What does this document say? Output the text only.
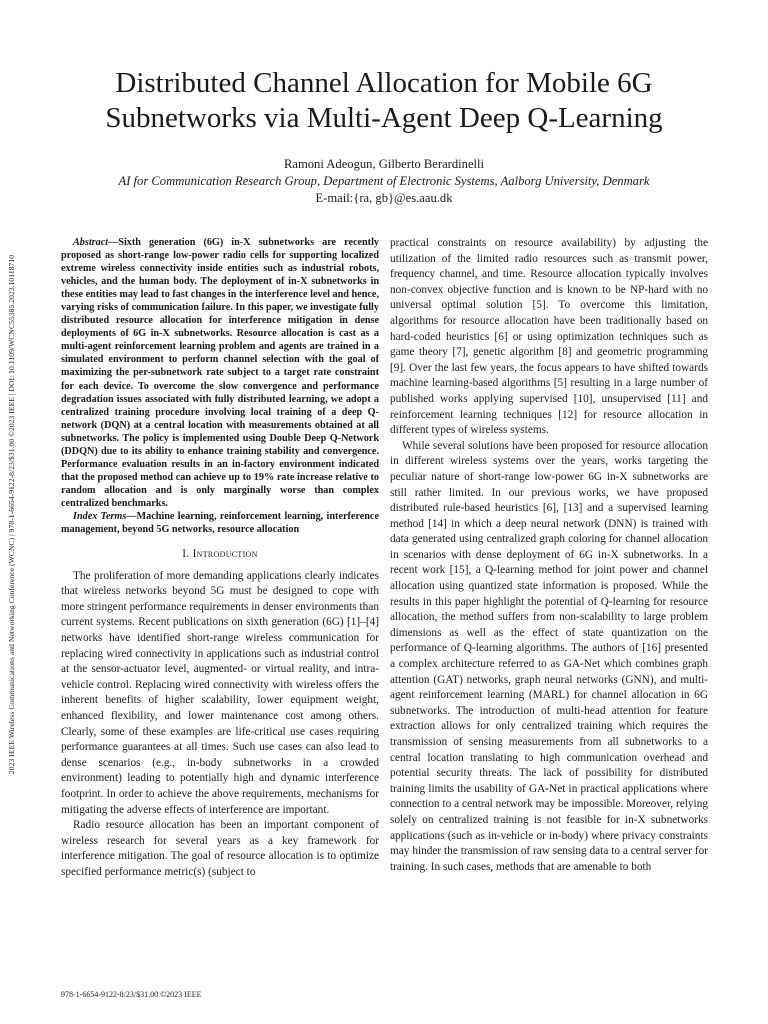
2023 IEEE Wireless Communications and Networking Conference (WCNC) | 978-1-6654-9122-8/23/$31.00 ©2023 IEEE | DOI: 10.1109/WCNC55385.2023.10118710
Distributed Channel Allocation for Mobile 6G
Subnetworks via Multi-Agent Deep Q-Learning
Ramoni Adeogun, Gilberto Berardinelli
AI for Communication Research Group, Department of Electronic Systems, Aalborg University, Denmark
E-mail:{ra, gb}@es.aau.dk

Abstract—Sixth generation (6G) in-X subnetworks are recently proposed as short-range low-power radio cells for supporting localized extreme wireless connectivity inside entities such as industrial robots, vehicles, and the human body. The deployment of in-X subnetworks in these entities may lead to fast changes in the interference level and hence, varying risks of communication failure. In this paper, we investigate fully distributed resource allocation for interference mitigation in dense deployments of 6G in-X subnetworks. Resource allocation is cast as a multi-agent reinforcement learning problem and agents are trained in a simulated environment to perform channel selection with the goal of maximizing the per-subnetwork rate subject to a target rate constraint for each device. To overcome the slow convergence and performance degradation issues associated with fully distributed learning, we adopt a centralized training procedure involving local training of a deep Q-network (DQN) at a central location with measurements obtained at all subnetworks. The policy is implemented using Double Deep Q-Network (DDQN) due to its ability to enhance training stability and convergence. Performance evaluation results in an in-factory environment indicated that the proposed method can achieve up to 19% rate increase relative to random allocation and is only marginally worse than complex centralized benchmarks.

Index Terms—Machine learning, reinforcement learning, interference management, beyond 5G networks, resource allocation

I. Introduction

The proliferation of more demanding applications clearly indicates that wireless networks beyond 5G must be designed to cope with more stringent performance requirements in denser environments than current systems. Recent publications on sixth generation (6G) [1]–[4] networks have identified short-range wireless communication for replacing wired connectivity in applications such as industrial control at the sensor-actuator level, augmented- or virtual reality, and intra-vehicle control. Replacing wired connectivity with wireless offers the inherent benefits of higher scalability, lower equipment weight, enhanced flexibility, and lower maintenance cost among others. Clearly, some of these examples are life-critical use cases requiring performance guarantees at all times. Such use cases can also lead to dense scenarios (e.g., in-body subnetworks in a crowded environment) leading to potentially high and dynamic interference footprint. In order to achieve the above requirements, mechanisms for mitigating the adverse effects of interference are important.

Radio resource allocation has been an important component of wireless research for several years as a key framework for interference mitigation. The goal of resource allocation is to optimize specified performance metric(s) (subject to

practical constraints on resource availability) by adjusting the utilization of the limited radio resources such as transmit power, frequency channel, and time. Resource allocation typically involves non-convex objective function and is known to be NP-hard with no universal optimal solution [5]. To overcome this limitation, algorithms for resource allocation have been traditionally based on hard-coded heuristics [6] or using optimization techniques such as game theory [7], genetic algorithm [8] and geometric programming [9]. Over the last few years, the focus appears to have shifted towards machine learning-based algorithms [5] resulting in a large number of published works applying supervised [10], unsupervised [11] and reinforcement learning techniques [12] for resource allocation in different types of wireless systems.

While several solutions have been proposed for resource allocation in different wireless systems over the years, works targeting the peculiar nature of short-range low-power 6G in-X subnetworks are still rather limited. In our previous works, we have proposed distributed rule-based heuristics [6], [13] and a supervised learning method [14] in which a deep neural network (DNN) is trained with data generated using centralized graph coloring for channel allocation in scenarios with dense deployment of 6G in-X subnetworks. In a recent work [15], a Q-learning method for joint power and channel allocation using quantized state information is proposed. While the results in this paper highlight the potential of Q-learning for resource allocation, the method suffers from non-scalability to large problem dimensions as well as the effect of state quantization on the performance of Q-learning algorithms. The authors of [16] presented a complex architecture referred to as GA-Net which combines graph attention (GAT) networks, graph neural networks (GNN), and multi-agent reinforcement learning (MARL) for channel allocation in 6G subnetworks. The introduction of multi-head attention for feature extraction allows for only centralized training which requires the transmission of sensing measurements from all subnetworks to a central location translating to high communication overhead and potential security threats. The lack of possibility for distributed training limits the usability of GA-Net in practical applications where connection to a central network may be impossible. Moreover, relying solely on centralized training is not feasible for in-X subnetworks applications (such as in-vehicle or in-body) where privacy constraints may hinder the transmission of raw sensing data to a central server for training. In such cases, methods that are amenable to both

978-1-6654-9122-8/23/$31.00 ©2023 IEEE
